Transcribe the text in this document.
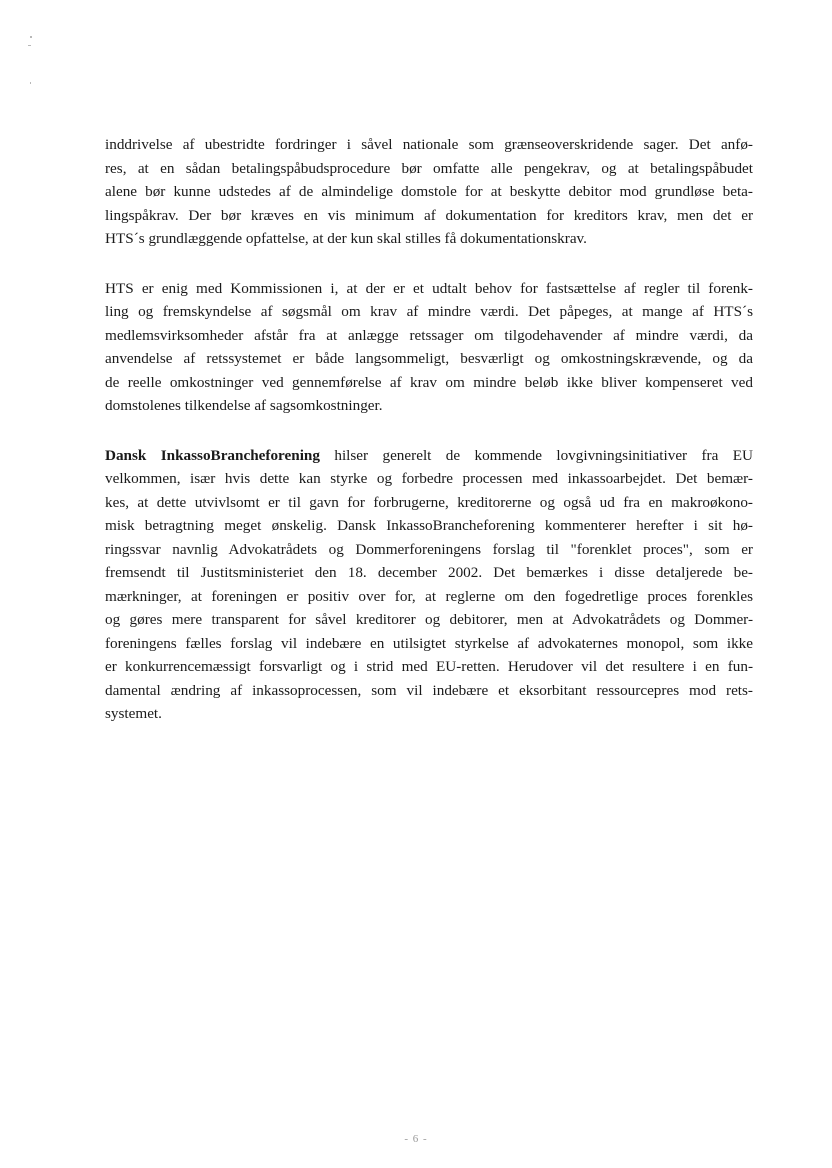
inddrivelse af ubestridte fordringer i såvel nationale som grænseoverskridende sager. Det anfø-
res, at en sådan betalingspåbudsprocedure bør omfatte alle pengekrav, og at betalingspåbudet
alene bør kunne udstedes af de almindelige domstole for at beskytte debitor mod grundløse beta-
lingspåkrav. Der bør kræves en vis minimum af dokumentation for kreditors krav, men det er
HTS´s grundlæggende opfattelse, at der kun skal stilles få dokumentationskrav.

HTS er enig med Kommissionen i, at der er et udtalt behov for fastsættelse af regler til forenk-
ling og fremskyndelse af søgsmål om krav af mindre værdi. Det påpeges, at mange af HTS´s
medlemsvirksomheder afstår fra at anlægge retssager om tilgodehavender af mindre værdi, da
anvendelse af retssystemet er både langsommeligt, besværligt og omkostningskrævende, og da
de reelle omkostninger ved gennemførelse af krav om mindre beløb ikke bliver kompenseret ved
domstolenes tilkendelse af sagsomkostninger.

Dansk InkassoBrancheforening hilser generelt de kommende lovgivningsinitiativer fra EU
velkommen, især hvis dette kan styrke og forbedre processen med inkassoarbejdet. Det bemær-
kes, at dette utvivlsomt er til gavn for forbrugerne, kreditorerne og også ud fra en makroøkono-
misk betragtning meget ønskelig. Dansk InkassoBrancheforening kommenterer herefter i sit hø-
ringssvar navnlig Advokatrådets og Dommerforeningens forslag til "forenklet proces", som er
fremsendt til Justitsministeriet den 18. december 2002. Det bemærkes i disse detaljerede be-
mærkninger, at foreningen er positiv over for, at reglerne om den fogedretlige proces forenkles
og gøres mere transparent for såvel kreditorer og debitorer, men at Advokatrådets og Dommer-
foreningens fælles forslag vil indebære en utilsigtet styrkelse af advokaternes monopol, som ikke
er konkurrencemæssigt forsvarligt og i strid med EU-retten. Herudover vil det resultere i en fun-
damental ændring af inkassoprocessen, som vil indebære et eksorbitant ressourcepres mod rets-
systemet.

- 6 -
